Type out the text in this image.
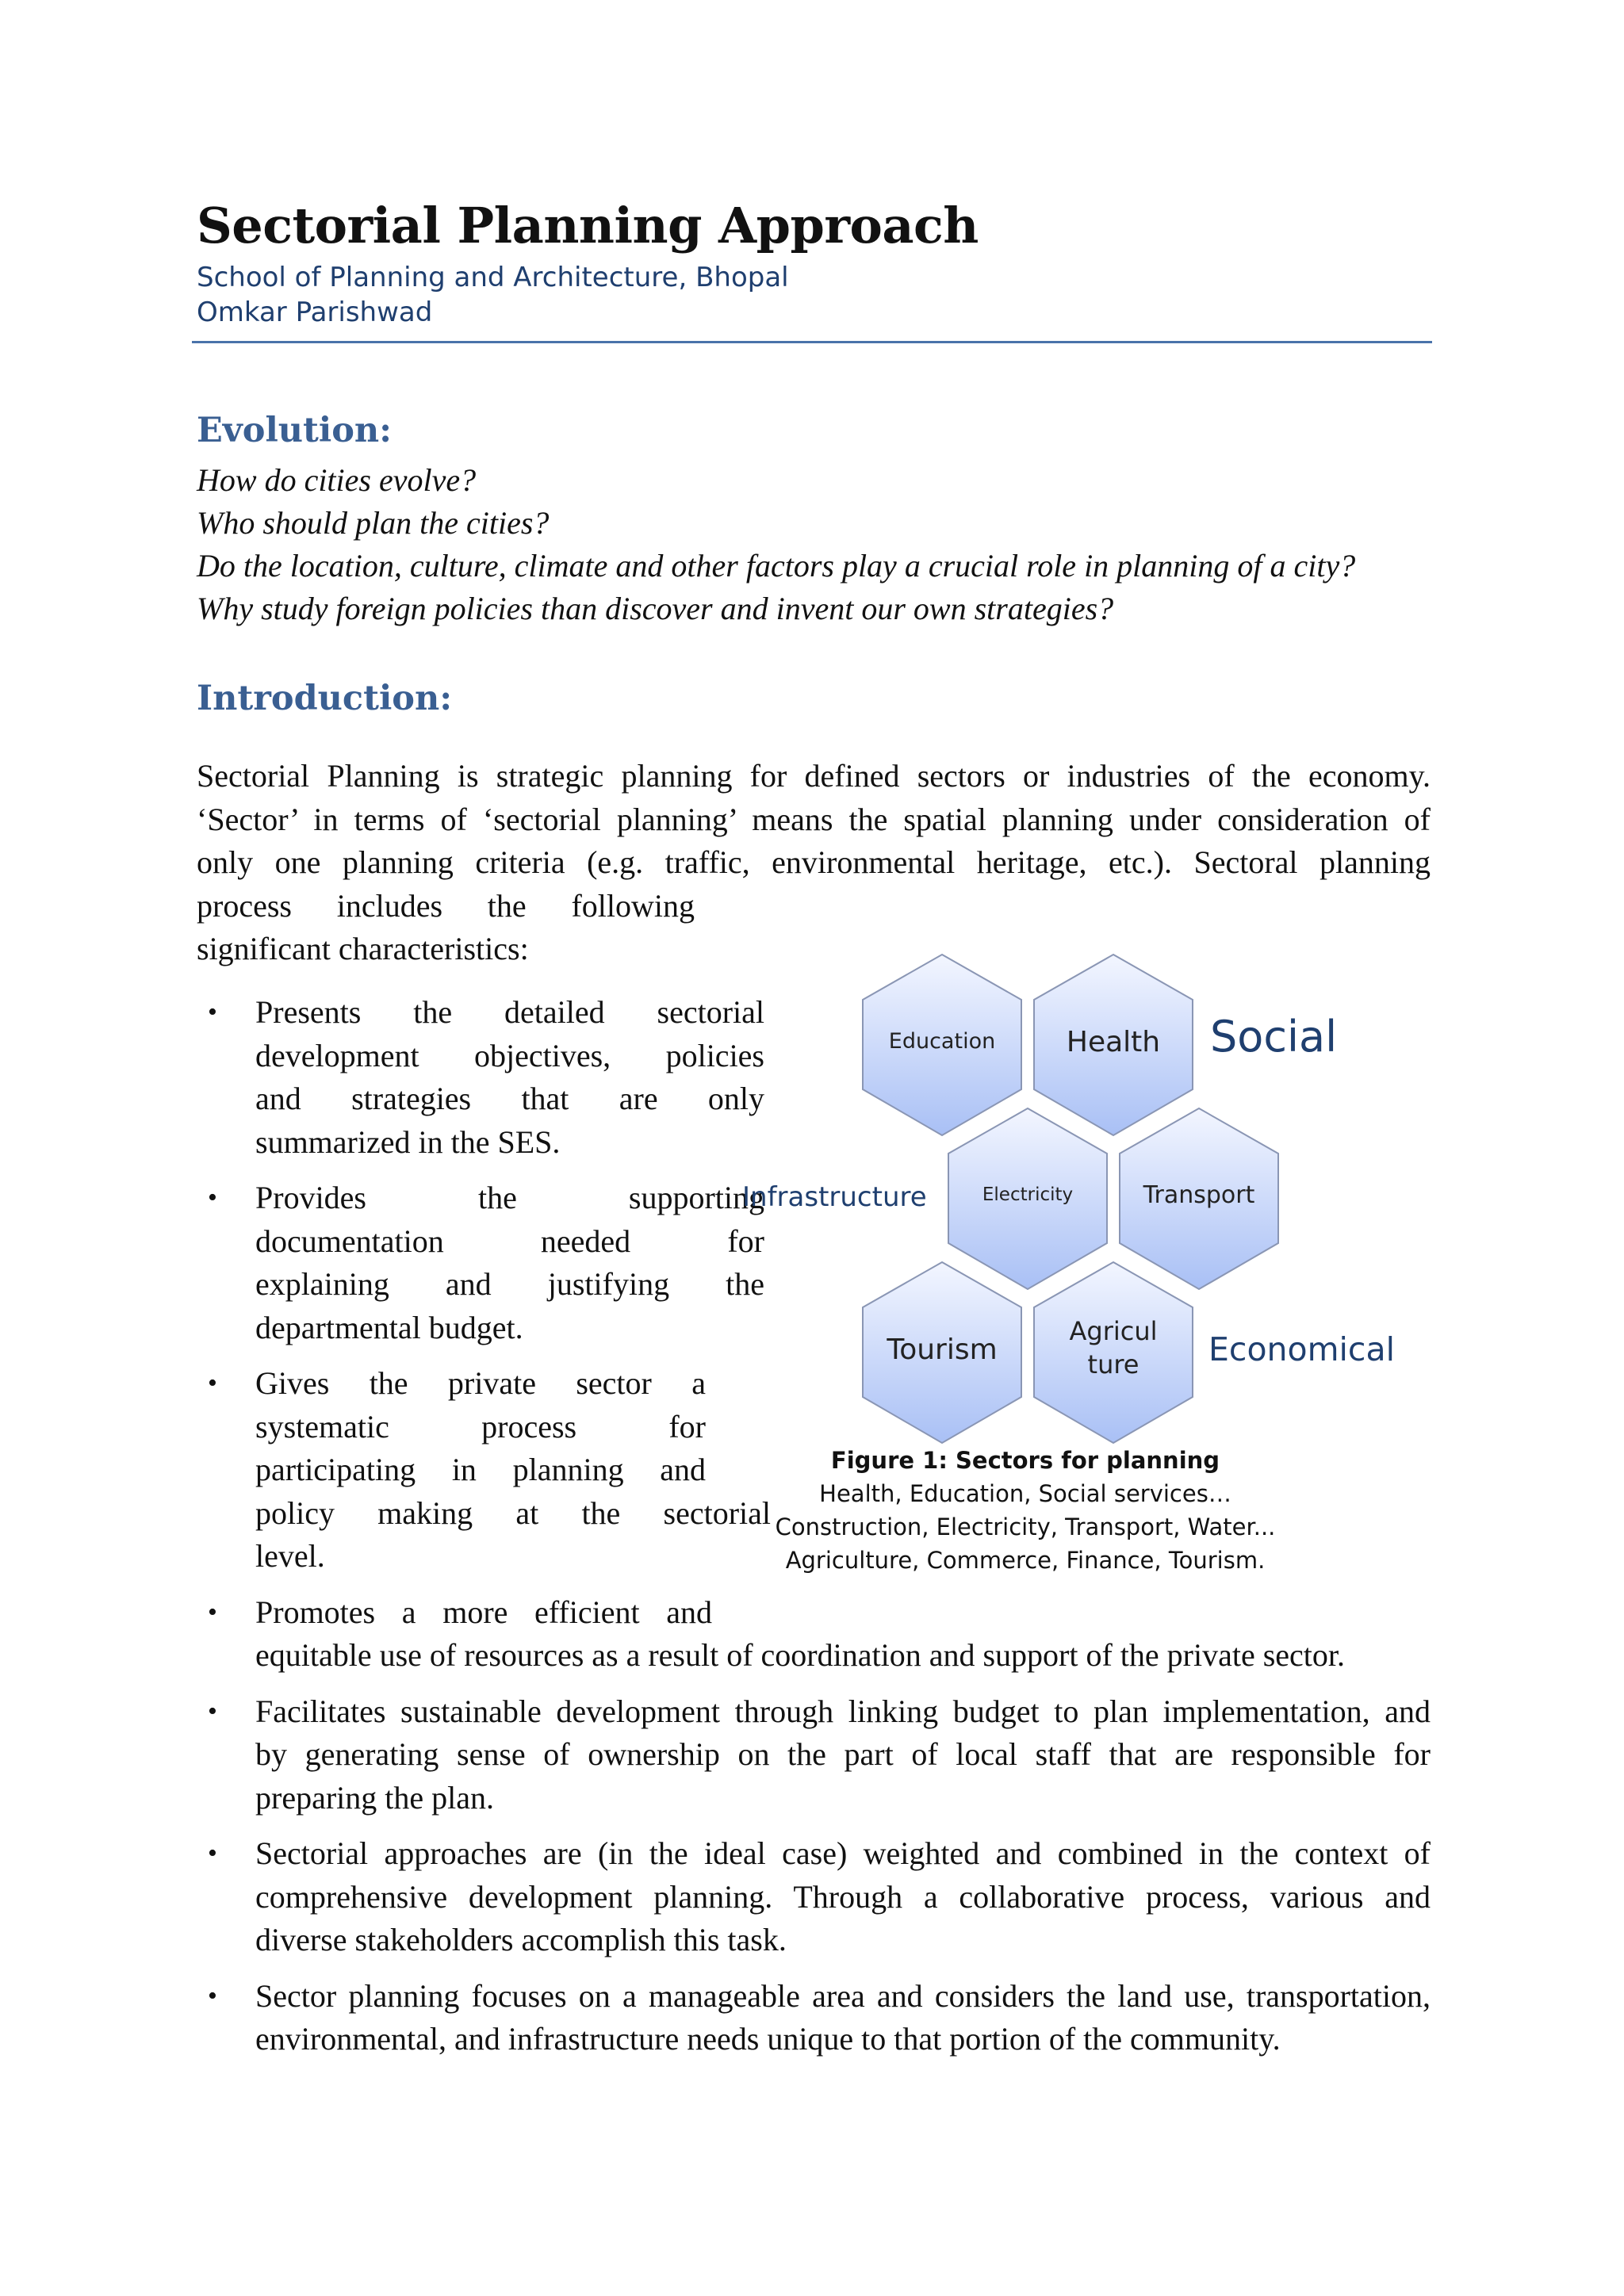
Sectorial Planning Approach
School of Planning and Architecture, Bhopal
Omkar Parishwad
Evolution:
How do cities evolve?
Who should plan the cities?
Do the location, culture, climate and other factors play a crucial role in planning of a city?
Why study foreign policies than discover and invent our own strategies?
Introduction:
Sectorial Planning is strategic planning for defined sectors or industries of the economy.
‘Sector’ in terms of ‘sectorial planning’ means the spatial planning under consideration of
only one planning criteria (e.g. traffic, environmental heritage, etc.). Sectoral planning
process includes the following
significant characteristics:
• Presents the detailed sectorial
development objectives, policies
and strategies that are only
summarized in the SES.
• Provides the supporting
documentation needed for
explaining and justifying the
departmental budget.
• Gives the private sector a
systematic process for
participating in planning and
policy making at the sectorial
level.
• Promotes a more efficient and
equitable use of resources as a result of coordination and support of the private sector.
• Facilitates sustainable development through linking budget to plan implementation, and
by generating sense of ownership on the part of local staff that are responsible for
preparing the plan.
• Sectorial approaches are (in the ideal case) weighted and combined in the context of
comprehensive development planning. Through a collaborative process, various and
diverse stakeholders accomplish this task.
• Sector planning focuses on a manageable area and considers the land use, transportation,
environmental, and infrastructure needs unique to that portion of the community.
Education	Health
Electricity	Transport
Tourism
Agricul ture
Social
Infrastructure
Economical
Figure 1: Sectors for planning
Health, Education, Social services…
Construction, Electricity, Transport, Water...
Agriculture, Commerce, Finance, Tourism.
